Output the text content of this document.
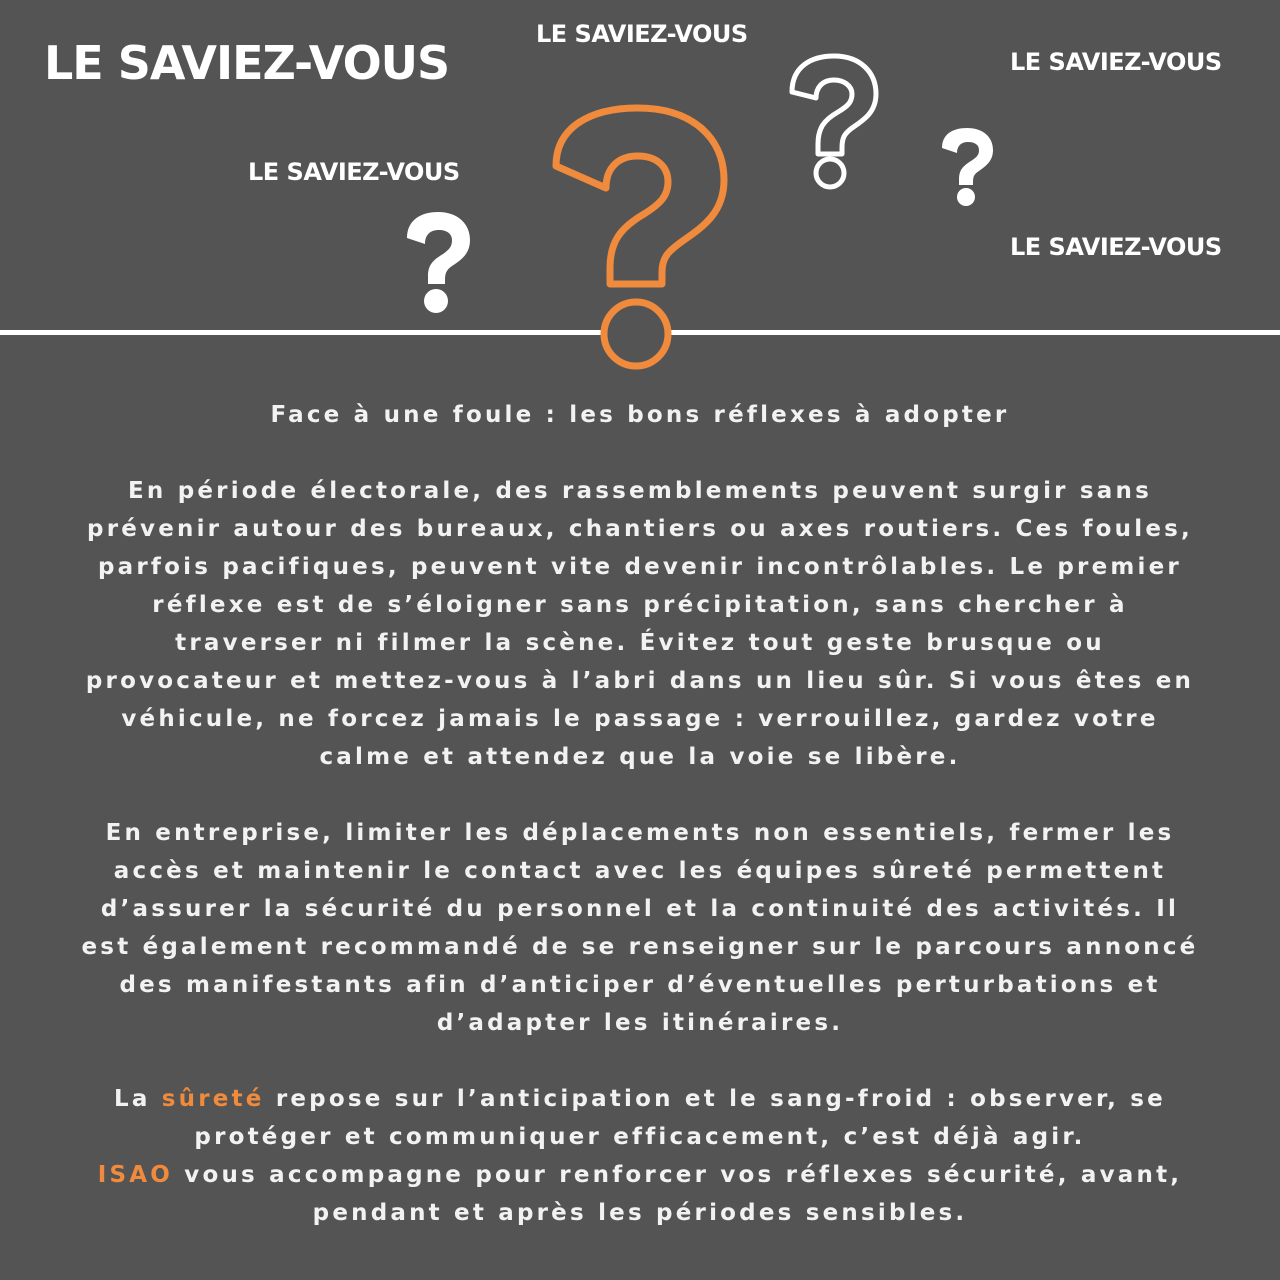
LE SAVIEZ-VOUS
LE SAVIEZ-VOUS
LE SAVIEZ-VOUS
LE SAVIEZ-VOUS
LE SAVIEZ-VOUS

Face à une foule : les bons réflexes à adopter

En période électorale, des rassemblements peuvent surgir sans prévenir autour des bureaux, chantiers ou axes routiers. Ces foules, parfois pacifiques, peuvent vite devenir incontrôlables. Le premier réflexe est de s’éloigner sans précipitation, sans chercher à traverser ni filmer la scène. Évitez tout geste brusque ou provocateur et mettez-vous à l’abri dans un lieu sûr. Si vous êtes en véhicule, ne forcez jamais le passage : verrouillez, gardez votre calme et attendez que la voie se libère.

En entreprise, limiter les déplacements non essentiels, fermer les accès et maintenir le contact avec les équipes sûreté permettent d’assurer la sécurité du personnel et la continuité des activités. Il est également recommandé de se renseigner sur le parcours annoncé des manifestants afin d’anticiper d’éventuelles perturbations et d’adapter les itinéraires.

La sûreté repose sur l’anticipation et le sang-froid : observer, se protéger et communiquer efficacement, c’est déjà agir.
ISAO vous accompagne pour renforcer vos réflexes sécurité, avant, pendant et après les périodes sensibles.
